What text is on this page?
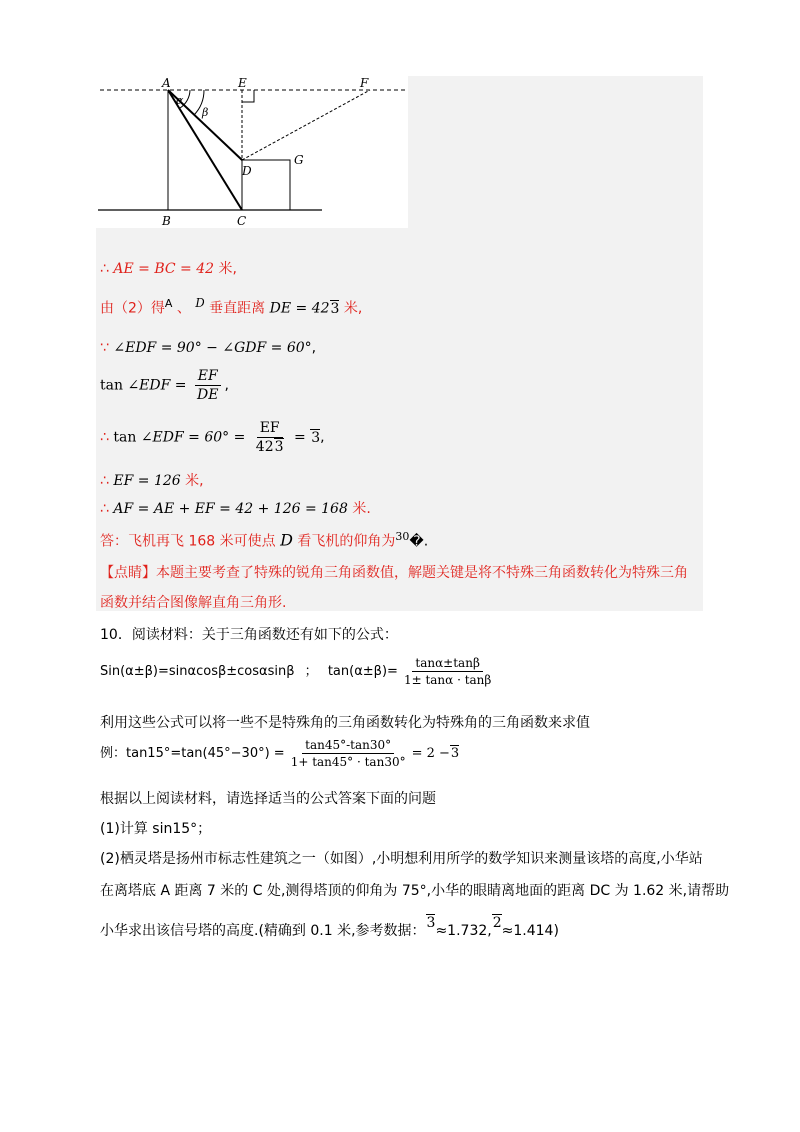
A	E	F
α
β
D
G
B	C
∴ AE = BC = 42 米,
由（2）得$^A$ 、 $^D$ 垂直距离 DE = 423 米,
∵ ∠EDF = 90° − ∠GDF = 60°,
tan ∠EDF = $\frac{EF}{DE}$ ,
∴ tan ∠EDF = $60^\circ = \frac{EF}{423} = 3$,
∴ EF = 126 米,
∴ AF = AE + EF = 42 + 126 = 168 米.
答：飞机再飞 168 米可使点 D 看飞机的仰角为$^{30}$�.
【点睛】本题主要考查了特殊的锐角三角函数值，解题关键是将不特殊三角函数转化为特殊三角
函数并结合图像解直角三角形.
10．阅读材料：关于三角函数还有如下的公式：
Sin(α±β)=sinαcosβ±cosαsinβ ； $\tan(\alpha\pm\beta)= \frac{\tan\alpha\pm\tan\beta}{1\pm \tan\alpha \cdot \tan\beta}$
利用这些公式可以将一些不是特殊角的三角函数转化为特殊角的三角函数来求值
例：$\tan 15^\circ=\tan(45^\circ-30^\circ) = \frac{\tan 45^\circ-\tan 30^\circ}{1+ \tan 45^\circ \cdot \tan 30^\circ} = 2 -3$
根据以上阅读材料，请选择适当的公式答案下面的问题
(1)计算 sin15°；
(2)栖灵塔是扬州市标志性建筑之一（如图）,小明想利用所学的数学知识来测量该塔的高度,小华站
在离塔底 A 距离 7 米的 C 处,测得塔顶的仰角为 75°,小华的眼睛离地面的距离 DC 为 1.62 米,请帮助
小华求出该信号塔的高度.(精确到 0.1 米,参考数据：3≈1.732,2≈1.414)
